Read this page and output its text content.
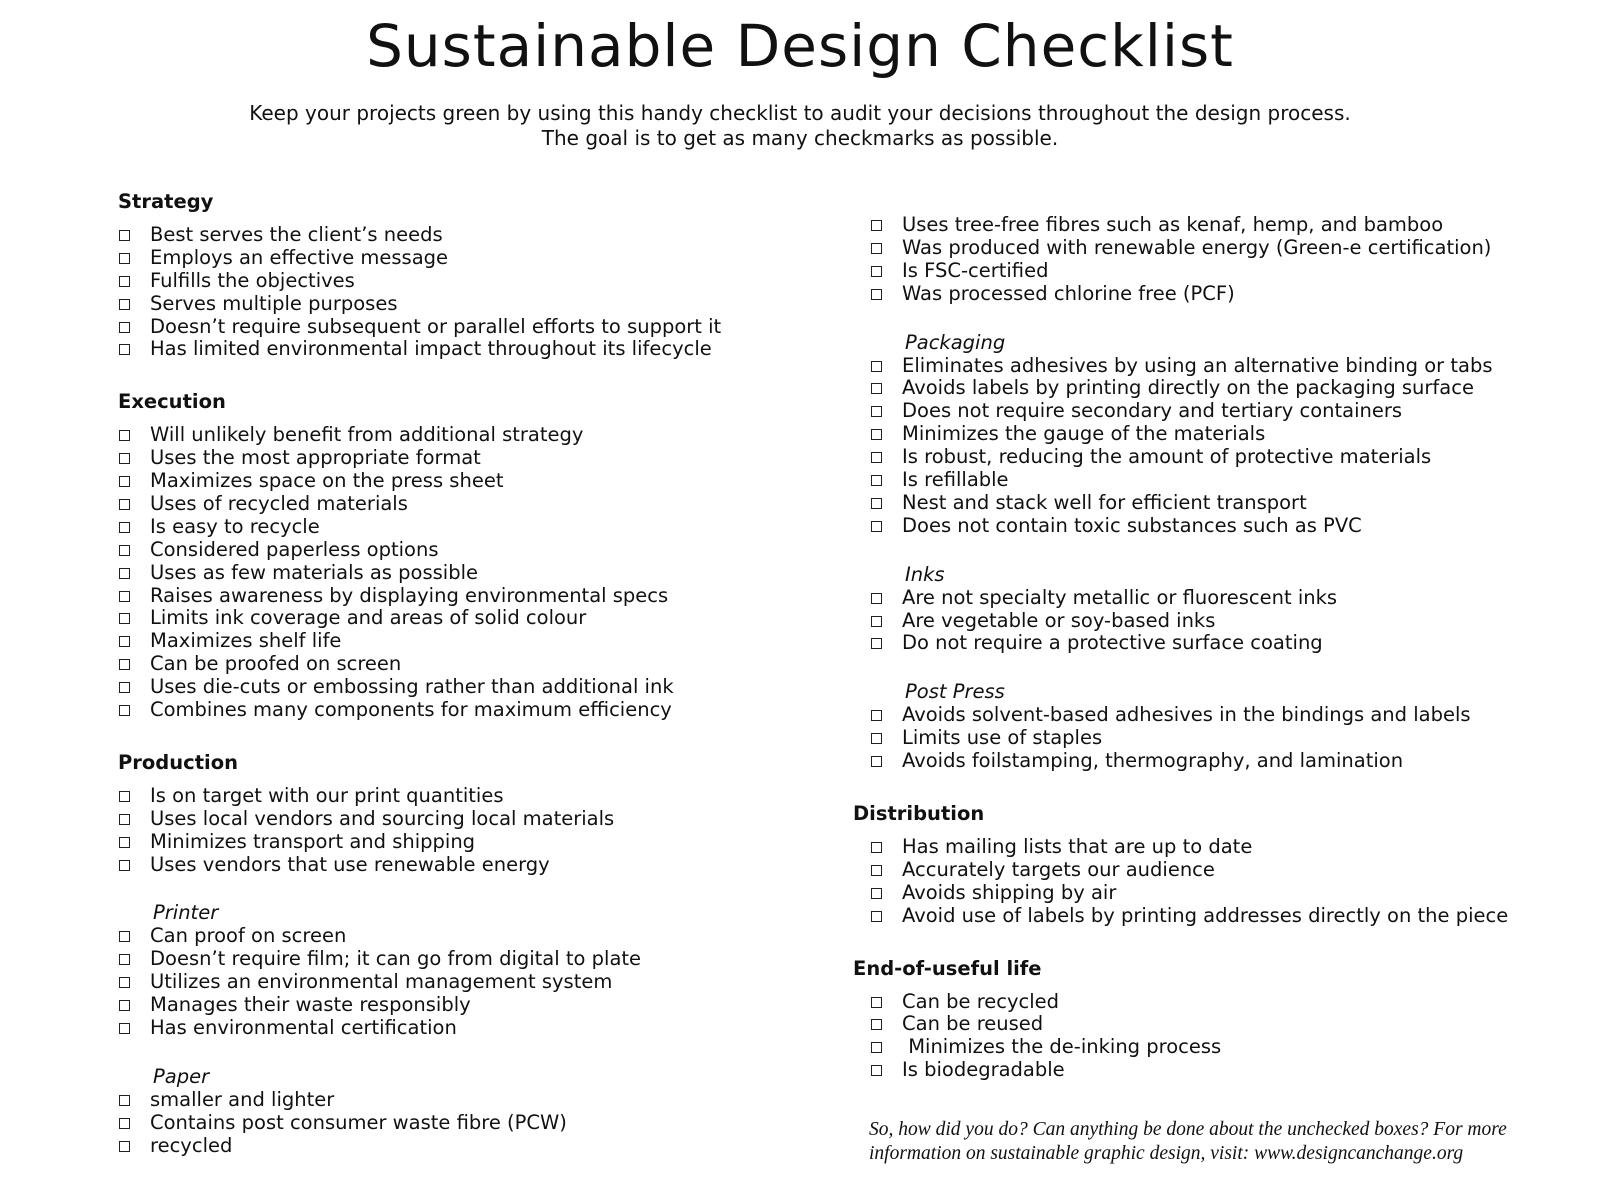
Sustainable Design Checklist
Keep your projects green by using this handy checklist to audit your decisions throughout the design process.
The goal is to get as many checkmarks as possible.
Strategy
Best serves the client’s needs
Employs an effective message
Fulfills the objectives
Serves multiple purposes
Doesn’t require subsequent or parallel efforts to support it
Has limited environmental impact throughout its lifecycle
Execution
Will unlikely benefit from additional strategy
Uses the most appropriate format
Maximizes space on the press sheet
Uses of recycled materials
Is easy to recycle
Considered paperless options
Uses as few materials as possible
Raises awareness by displaying environmental specs
Limits ink coverage and areas of solid colour
Maximizes shelf life
Can be proofed on screen
Uses die-cuts or embossing rather than additional ink
Combines many components for maximum efficiency
Production
Is on target with our print quantities
Uses local vendors and sourcing local materials
Minimizes transport and shipping
Uses vendors that use renewable energy
Printer
Can proof on screen
Doesn’t require film; it can go from digital to plate
Utilizes an environmental management system
Manages their waste responsibly
Has environmental certification
Paper
smaller and lighter
Contains post consumer waste fibre (PCW)
recycled
Uses tree-free fibres such as kenaf, hemp, and bamboo
Was produced with renewable energy (Green-e certification)
Is FSC-certified
Was processed chlorine free (PCF)
Packaging
Eliminates adhesives by using an alternative binding or tabs
Avoids labels by printing directly on the packaging surface
Does not require secondary and tertiary containers
Minimizes the gauge of the materials
Is robust, reducing the amount of protective materials
Is refillable
Nest and stack well for efficient transport
Does not contain toxic substances such as PVC
Inks
Are not specialty metallic or fluorescent inks
Are vegetable or soy-based inks
Do not require a protective surface coating
Post Press
Avoids solvent-based adhesives in the bindings and labels
Limits use of staples
Avoids foilstamping, thermography, and lamination
Distribution
Has mailing lists that are up to date
Accurately targets our audience
Avoids shipping by air
Avoid use of labels by printing addresses directly on the piece
End-of-useful life
Can be recycled
Can be reused
Minimizes the de-inking process
Is biodegradable
So, how did you do? Can anything be done about the unchecked boxes? For more
information on sustainable graphic design, visit: www.designcanchange.org
